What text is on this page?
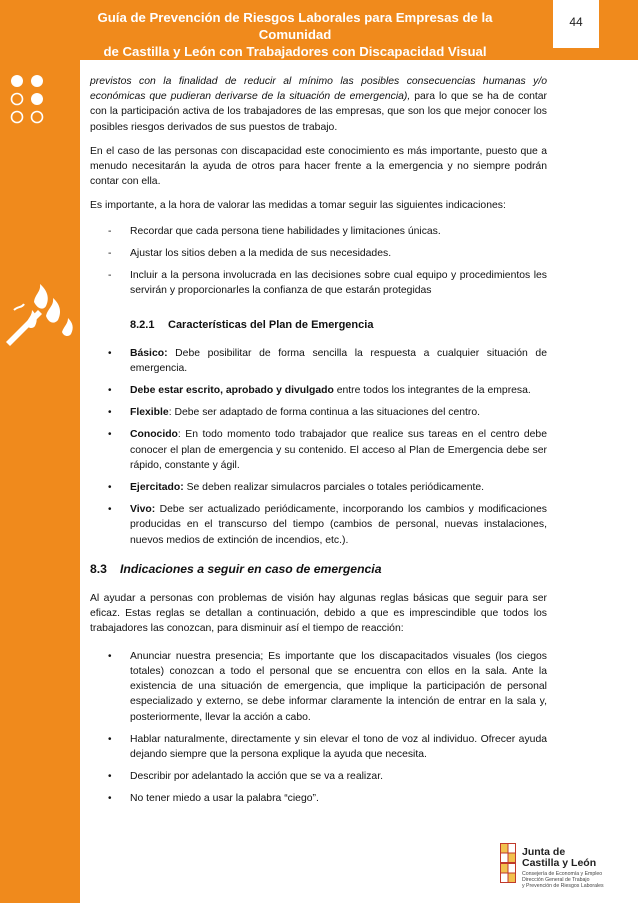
Guía de Prevención de Riesgos Laborales para Empresas de la Comunidad
de Castilla y León con Trabajadores con Discapacidad Visual
44

previstos con la finalidad de reducir al mínimo las posibles consecuencias humanas y/o económicas que pudieran derivarse de la situación de emergencia), para lo que se ha de contar con la participación activa de los trabajadores de las empresas, que son los que mejor conocer los posibles riesgos derivados de sus puestos de trabajo.

En el caso de las personas con discapacidad este conocimiento es más importante, puesto que a menudo necesitarán la ayuda de otros para hacer frente a la emergencia y no siempre podrán contar con ella.

Es importante, a la hora de valorar las medidas a tomar seguir las siguientes indicaciones:

- Recordar que cada persona tiene habilidades y limitaciones únicas.
- Ajustar los sitios deben a la medida de sus necesidades.
- Incluir a la persona involucrada en las decisiones sobre cual equipo y procedimientos les servirán y proporcionarles la confianza de que estarán protegidas
8.2.1 Características del Plan de Emergencia
• Básico: Debe posibilitar de forma sencilla la respuesta a cualquier situación de emergencia.
• Debe estar escrito, aprobado y divulgado entre todos los integrantes de la empresa.
• Flexible: Debe ser adaptado de forma continua a las situaciones del centro.
• Conocido: En todo momento todo trabajador que realice sus tareas en el centro debe conocer el plan de emergencia y su contenido. El acceso al Plan de Emergencia debe ser rápido, constante y ágil.
• Ejercitado: Se deben realizar simulacros parciales o totales periódicamente.
• Vivo: Debe ser actualizado periódicamente, incorporando los cambios y modificaciones producidas en el transcurso del tiempo (cambios de personal, nuevas instalaciones, nuevos medios de extinción de incendios, etc.).
8.3 Indicaciones a seguir en caso de emergencia

Al ayudar a personas con problemas de visión hay algunas reglas básicas que seguir para ser eficaz. Estas reglas se detallan a continuación, debido a que es imprescindible que todos los trabajadores las conozcan, para disminuir así el tiempo de reacción:

• Anunciar nuestra presencia; Es importante que los discapacitados visuales (los ciegos totales) conozcan a todo el personal que se encuentra con ellos en la sala. Ante la existencia de una situación de emergencia, que implique la participación de personal especializado y externo, se debe informar claramente la intención de entrar en la sala y, posteriormente, llevar la acción a cabo.
• Hablar naturalmente, directamente y sin elevar el tono de voz al individuo. Ofrecer ayuda dejando siempre que la persona explique la ayuda que necesita.
• Describir por adelantado la acción que se va a realizar.
• No tener miedo a usar la palabra “ciego”.
Junta de
Castilla y León
Consejería de Economía y Empleo
Dirección General de Trabajo
y Prevención de Riesgos Laborales
